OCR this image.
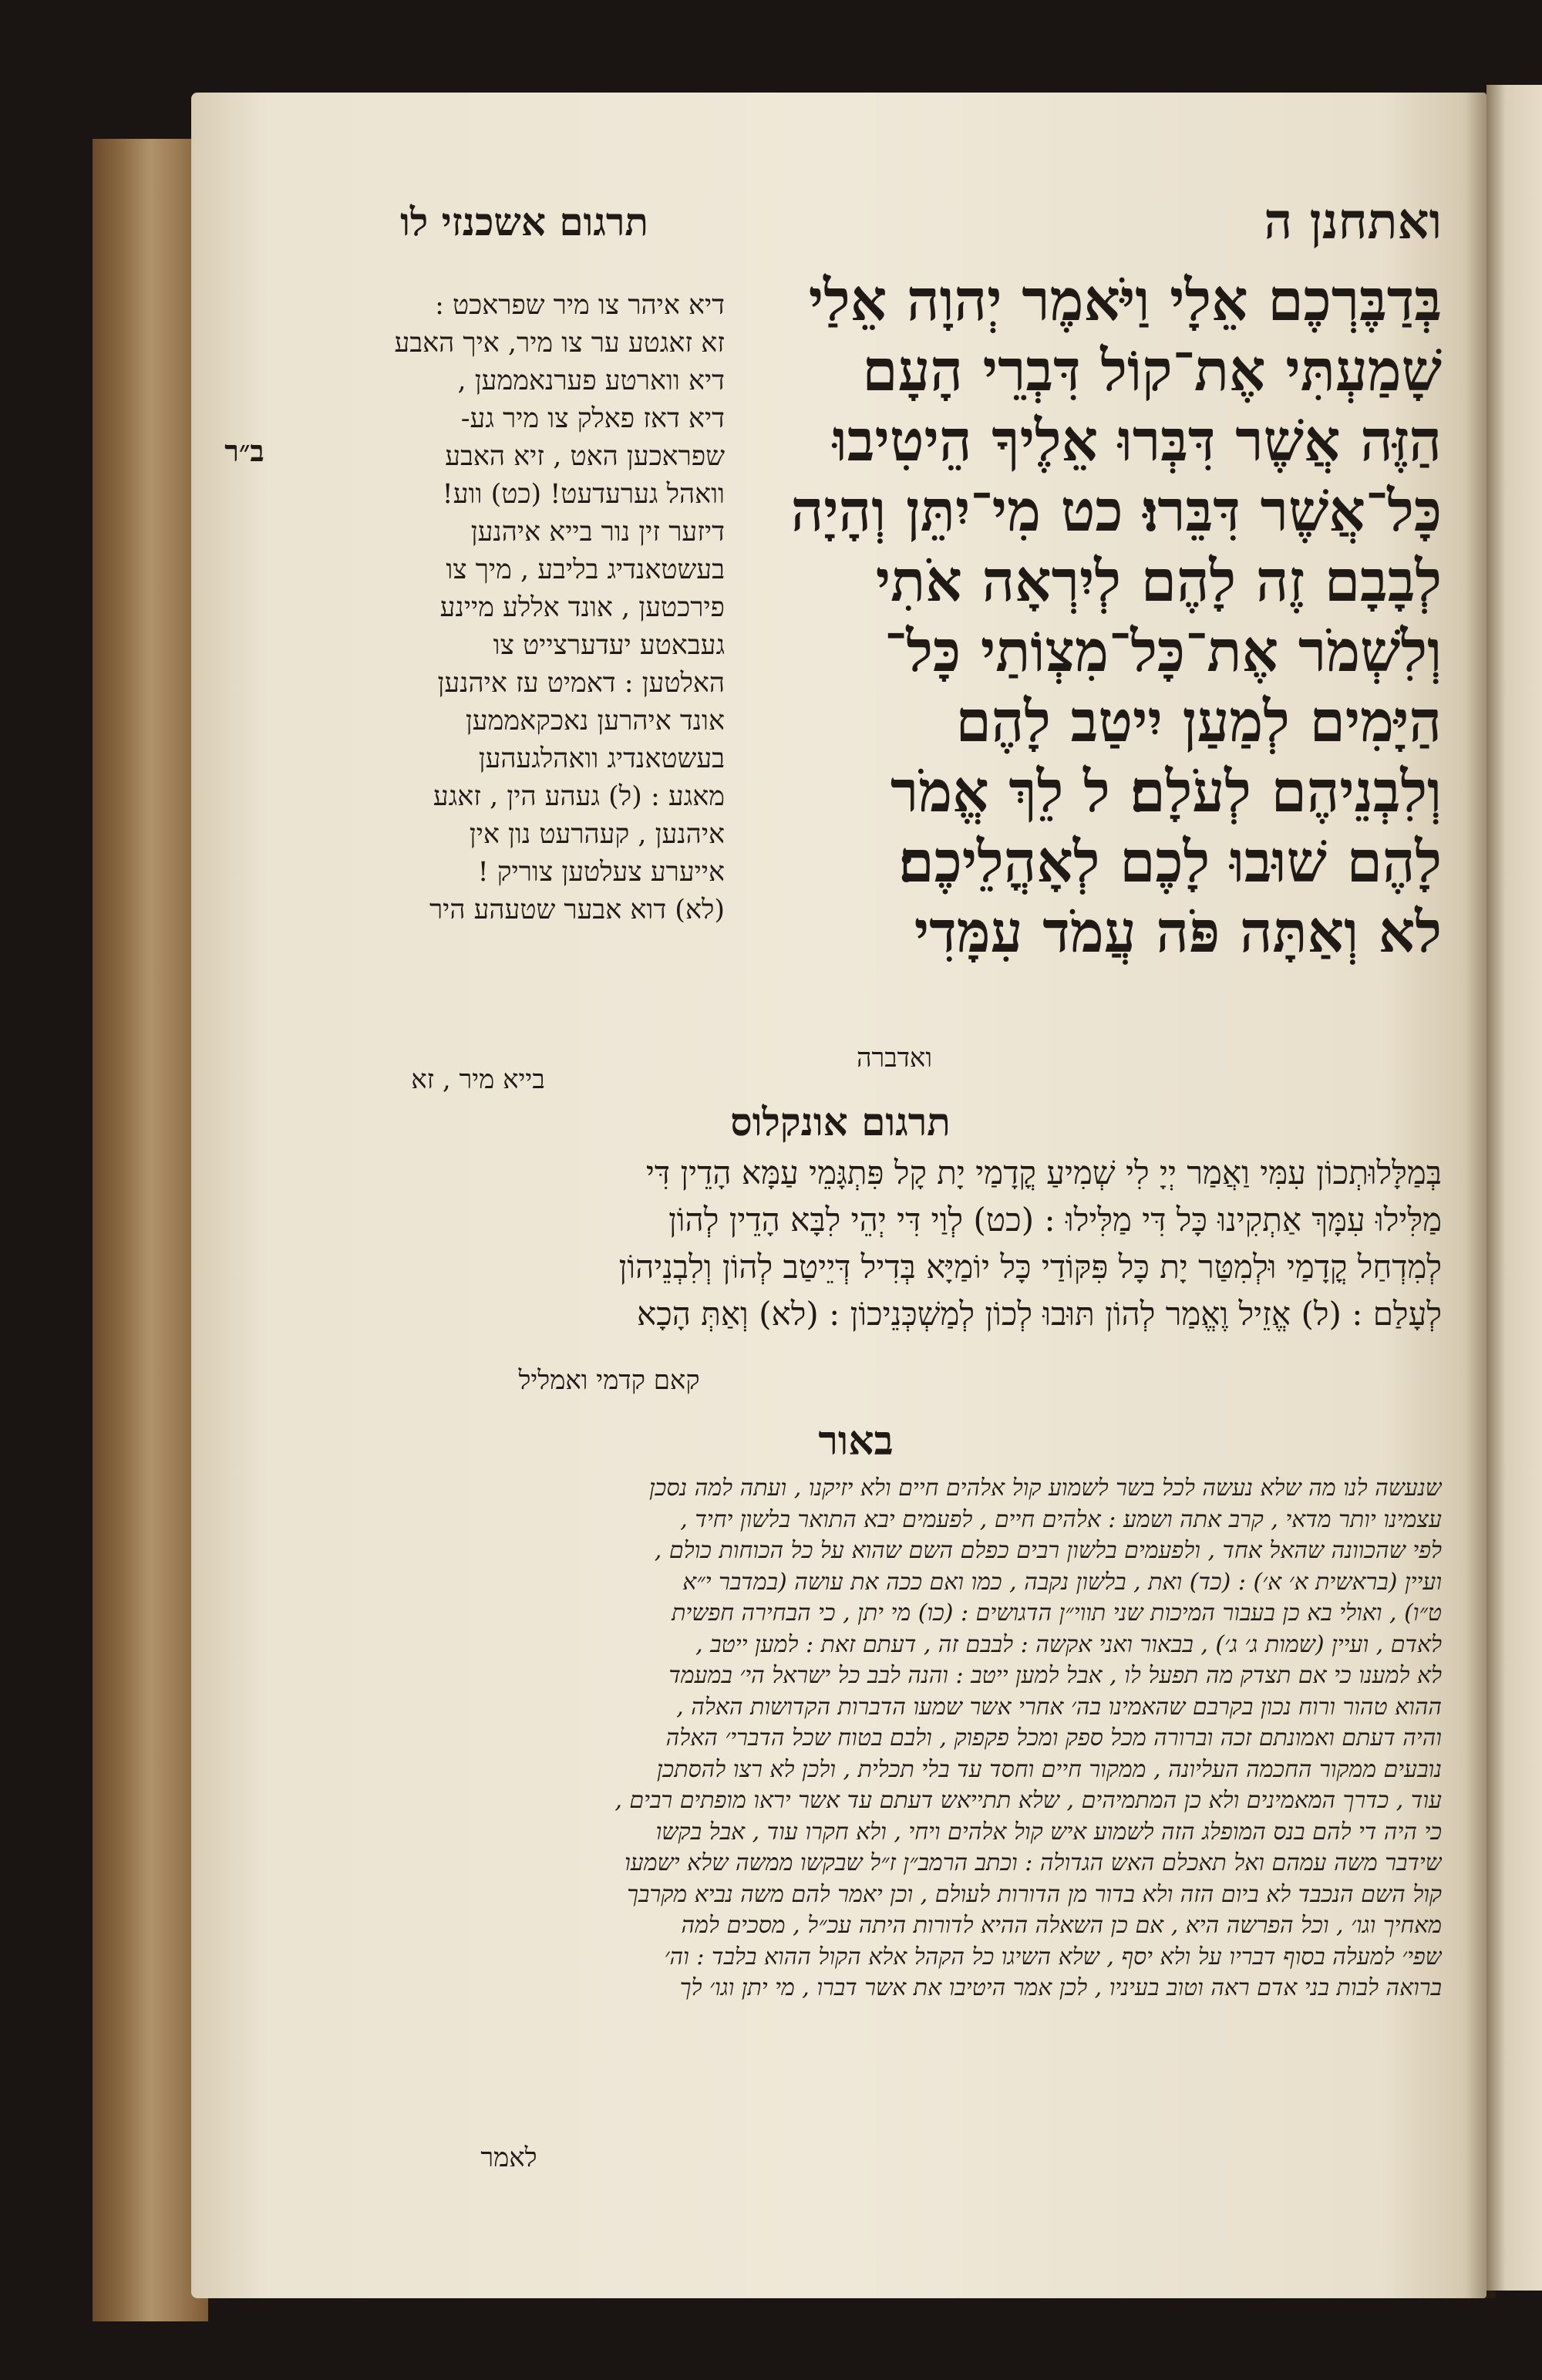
ואתחנן ה
תרגום אשכנזי לו
בְּדַבֶּרְכֶם אֵלָי וַיֹּאמֶר יְהוָה אֵלַי
שָׁמַעְתִּי אֶת־קוֹל דִּבְרֵי הָעָם
הַזֶּה אֲשֶׁר דִּבְּרוּ אֵלֶיךָ הֵיטִיבוּ
כָּל־אֲשֶׁר דִּבֵּרוּ׃ כט מִי־יִתֵּן וְהָיָה
לְבָבָם זֶה לָהֶם לְיִרְאָה אֹתִי
וְלִשְׁמֹר אֶת־כָּל־מִצְוֹתַי כָּל־
הַיָּמִים לְמַעַן יִיטַב לָהֶם
וְלִבְנֵיהֶם לְעֹלָם׃ ל לֵךְ אֱמֹר
לָהֶם שׁוּבוּ לָכֶם לְאָהֳלֵיכֶם׃
לא וְאַתָּה פֹּה עֲמֹד עִמָּדִי
ואדברה
דיא איהר צו מיר שפראכט :
זא זאגטע ער צו מיר, איך האבע
דיא ווארטע פערנאממען ,
דיא דאז פאלק צו מיר גע-
שפראכען האט , זיא האבע
וואהל גערעדעט! (כט) ווע!
דיזער זין נור בייא איהנען
בעשטאנדיג בליבע , מיך צו
פירכטען , אונד אללע מיינע
געבאטע יעדערצייט צו
האלטען : דאמיט עז איהנען
אונד איהרען נאכקאממען
בעשטאנדיג וואהלגעהען
מאגע : (ל) געהע הין , זאגע
איהנען , קעהרעט נון אין
אייערע צעלטען צוריק !
(לא) דוא אבער שטעהע היר
בייא מיר , זא
ב״ר
תרגום אונקלוס
בְּמַלָּלוּתְכוֹן עִמִּי וַאֲמַר יְיָ לִי שְׁמִיעַ קֳדָמַי יָת קָל פִּתְגָּמֵי עַמָּא הָדֵין דִּי
מַלִּילוּ עִמָּךְ אַתְקִינוּ כָּל דִּי מַלִּילוּ : (כט) לְוַי דִּי יְהֵי לִבָּא הָדֵין לְהוֹן
לְמִדְחַל קֳדָמַי וּלְמִטַּר יָת כָּל פִּקּוֹדַי כָּל יוֹמַיָּא בְּדִיל דְּיֵיטַב לְהוֹן וְלִבְנֵיהוֹן
לְעָלַם : (ל) אֱזֵיל וֶאֱמַר לְהוֹן תּוּבוּ לְכוֹן לְמַשְׁכְּנֵיכוֹן : (לא) וְאַתְּ הָכָא
קאם קדמי ואמליל
באור
שנעשה לנו מה שלא נעשה לכל בשר לשמוע קול אלהים חיים ולא יזיקנו , ועתה למה נסכן
עצמינו יותר מדאי , קרב אתה ושמע : אלהים חיים , לפעמים יבא התואר בלשון יחיד ,
לפי שהכוונה שהאל אחד , ולפעמים בלשון רבים כפלם השם שהוא על כל הכוחות כולם ,
ועיין (בראשית א׳ א׳) : (כד) ואת , בלשון נקבה , כמו ואם ככה את עושה (במדבר י״א
ט״ו) , ואולי בא כן בעבור המיכות שני תווי״ן הדגושים : (כו) מי יתן , כי הבחירה חפשית
לאדם , ועיין (שמות ג׳ ג׳) , בבאור ואני אקשה : לבבם זה , דעתם זאת : למען ייטב ,
לא למענו כי אם תצדק מה תפעל לו , אבל למען ייטב : והנה לבב כל ישראל הי׳ במעמד
ההוא טהור ורוח נכון בקרבם שהאמינו בה׳ אחרי אשר שמעו הדברות הקדושות האלה ,
והיה דעתם ואמונתם זכה וברורה מכל ספק ומכל פקפוק , ולבם בטוח שכל הדברי׳ האלה
נובעים ממקור החכמה העליונה , ממקור חיים וחסד עד בלי תכלית , ולכן לא רצו להסתכן
עוד , כדרך המאמינים ולא כן המתמיהים , שלא תתייאש דעתם עד אשר יראו מופתים רבים ,
כי היה די להם בנס המופלג הזה לשמוע איש קול אלהים ויחי , ולא חקרו עוד , אבל בקשו
שידבר משה עמהם ואל תאכלם האש הגדולה : וכתב הרמב״ן ז״ל שבקשו ממשה שלא ישמעו
קול השם הנכבד לא ביום הזה ולא בדור מן הדורות לעולם , וכן יאמר להם משה נביא מקרבך
מאחיך וגו׳ , וכל הפרשה היא , אם כן השאלה ההיא לדורות היתה עכ״ל , מסכים למה
שפי׳ למעלה בסוף דבריו על ולא יסף , שלא השיגו כל הקהל אלא הקול ההוא בלבד : וה׳
ברואה לבות בני אדם ראה וטוב בעיניו , לכן אמר היטיבו את אשר דברו , מי יתן וגו׳ לך
לאמר
